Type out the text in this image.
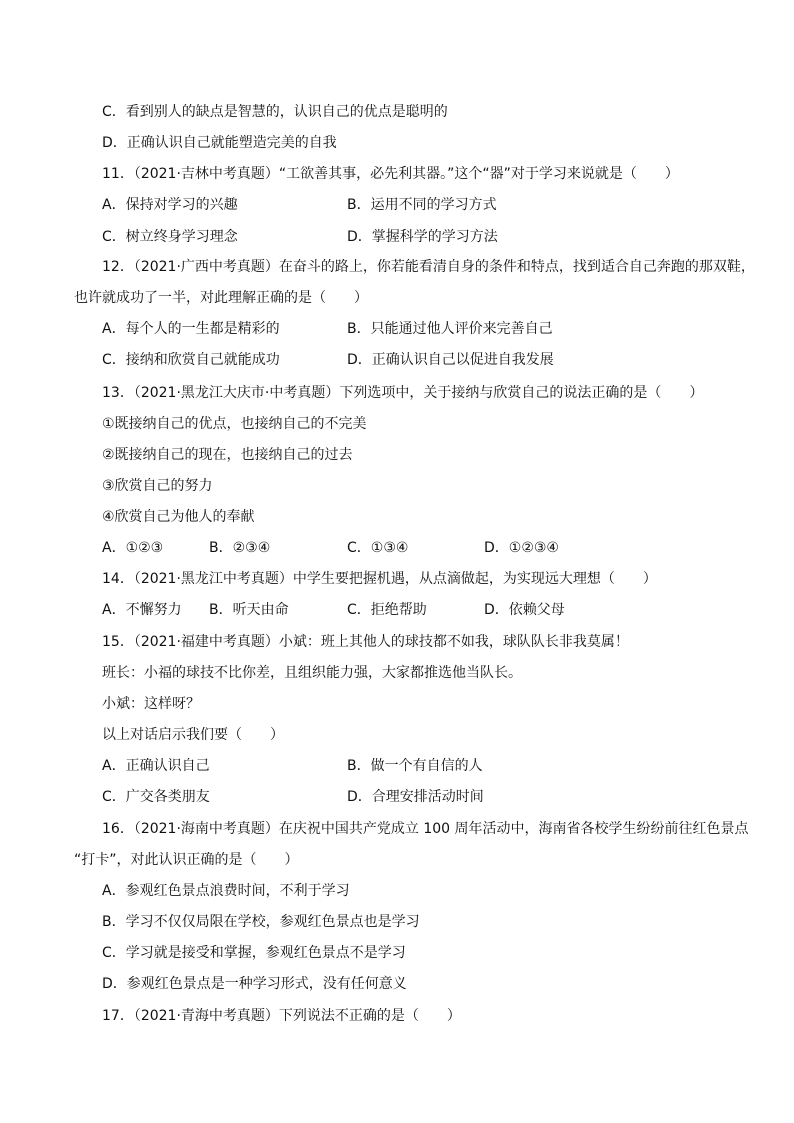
C．看到别人的缺点是智慧的，认识自己的优点是聪明的
D．正确认识自己就能塑造完美的自我
11．（2021·吉林中考真题）“工欲善其事，必先利其器。”这个“器”对于学习来说就是（　　）
A．保持对学习的兴趣	B．运用不同的学习方式
C．树立终身学习理念	D．掌握科学的学习方法
12．（2021·广西中考真题）在奋斗的路上，你若能看清自身的条件和特点，找到适合自己奔跑的那双鞋，
也许就成功了一半，对此理解正确的是（　　）
A．每个人的一生都是精彩的	B．只能通过他人评价来完善自己
C．接纳和欣赏自己就能成功	D．正确认识自己以促进自我发展
13．（2021·黑龙江大庆市·中考真题）下列选项中，关于接纳与欣赏自己的说法正确的是（　　）
①既接纳自己的优点，也接纳自己的不完美
②既接纳自己的现在，也接纳自己的过去
③欣赏自己的努力
④欣赏自己为他人的奉献
A．①②③	B．②③④	C．①③④	D．①②③④
14．（2021·黑龙江中考真题）中学生要把握机遇，从点滴做起，为实现远大理想（　　）
A．不懈努力 B．听天由命	C．拒绝帮助	D．依赖父母
15．（2021·福建中考真题）小斌：班上其他人的球技都不如我，球队队长非我莫属！
班长：小福的球技不比你差，且组织能力强，大家都推选他当队长。
小斌：这样呀？
以上对话启示我们要（　　）
A．正确认识自己	B．做一个有自信的人
C．广交各类朋友	D．合理安排活动时间
16．（2021·海南中考真题）在庆祝中国共产党成立 100 周年活动中，海南省各校学生纷纷前往红色景点
“打卡”，对此认识正确的是（　　）
A．参观红色景点浪费时间，不利于学习
B．学习不仅仅局限在学校，参观红色景点也是学习
C．学习就是接受和掌握，参观红色景点不是学习
D．参观红色景点是一种学习形式，没有任何意义
17．（2021·青海中考真题）下列说法不正确的是（　　）
